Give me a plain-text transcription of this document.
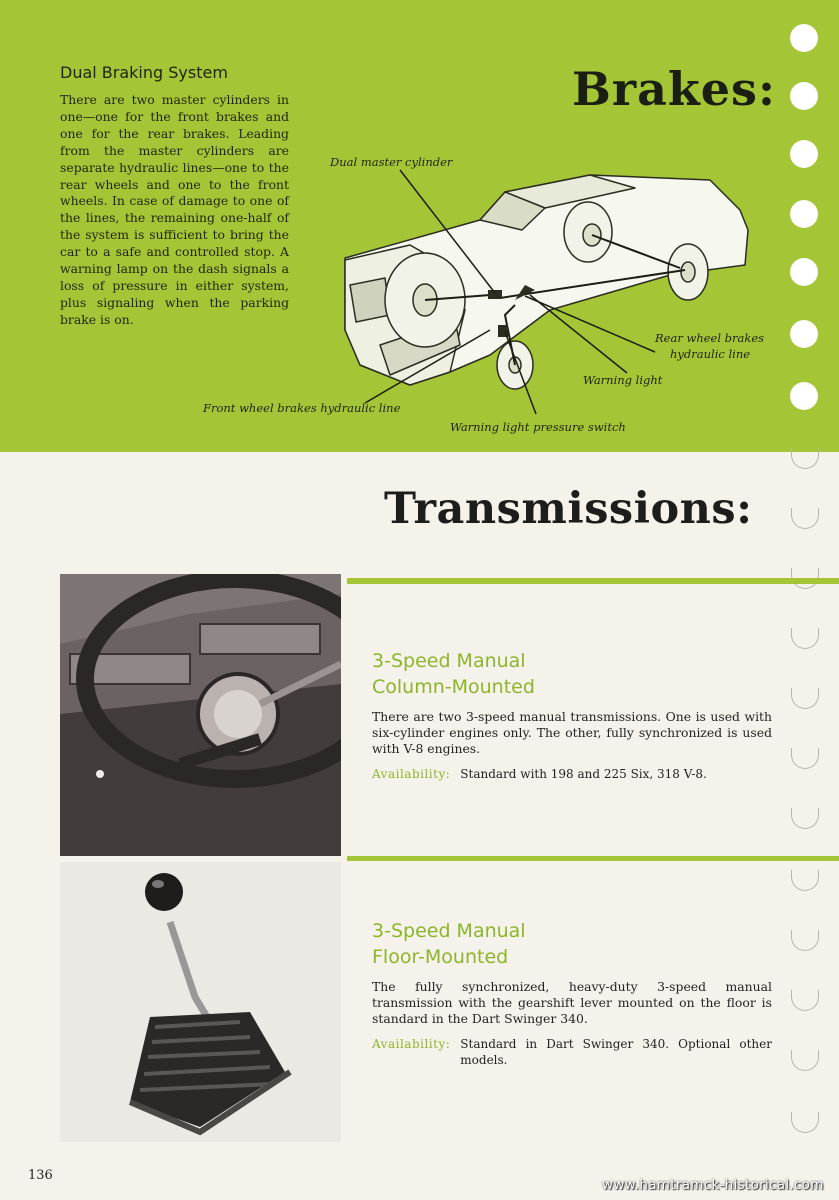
Dual Braking System
There are two master cylinders in one—one for the front brakes and one for the rear brakes. Leading from the master cylinders are separate hydraulic lines—one to the rear wheels and one to the front wheels. In case of damage to one of the lines, the remaining one-half of the system is sufficient to bring the car to a safe and controlled stop. A warning lamp on the dash signals a loss of pressure in either system, plus signaling when the parking brake is on.
Brakes:
Dual master cylinder
Rear wheel brakes
hydraulic line
Warning light
Front wheel brakes hydraulic line
Warning light pressure switch
Transmissions:
3-Speed Manual
Column-Mounted
There are two 3-speed manual transmissions. One is used with six-cylinder engines only. The other, fully synchronized is used with V-8 engines.
Availability: Standard with 198 and 225 Six, 318 V-8.
3-Speed Manual
Floor-Mounted
The fully synchronized, heavy-duty 3-speed manual transmission with the gearshift lever mounted on the floor is standard in the Dart Swinger 340.
Availability: Standard in Dart Swinger 340. Optional other models.
136
www.hamtramck-historical.com
